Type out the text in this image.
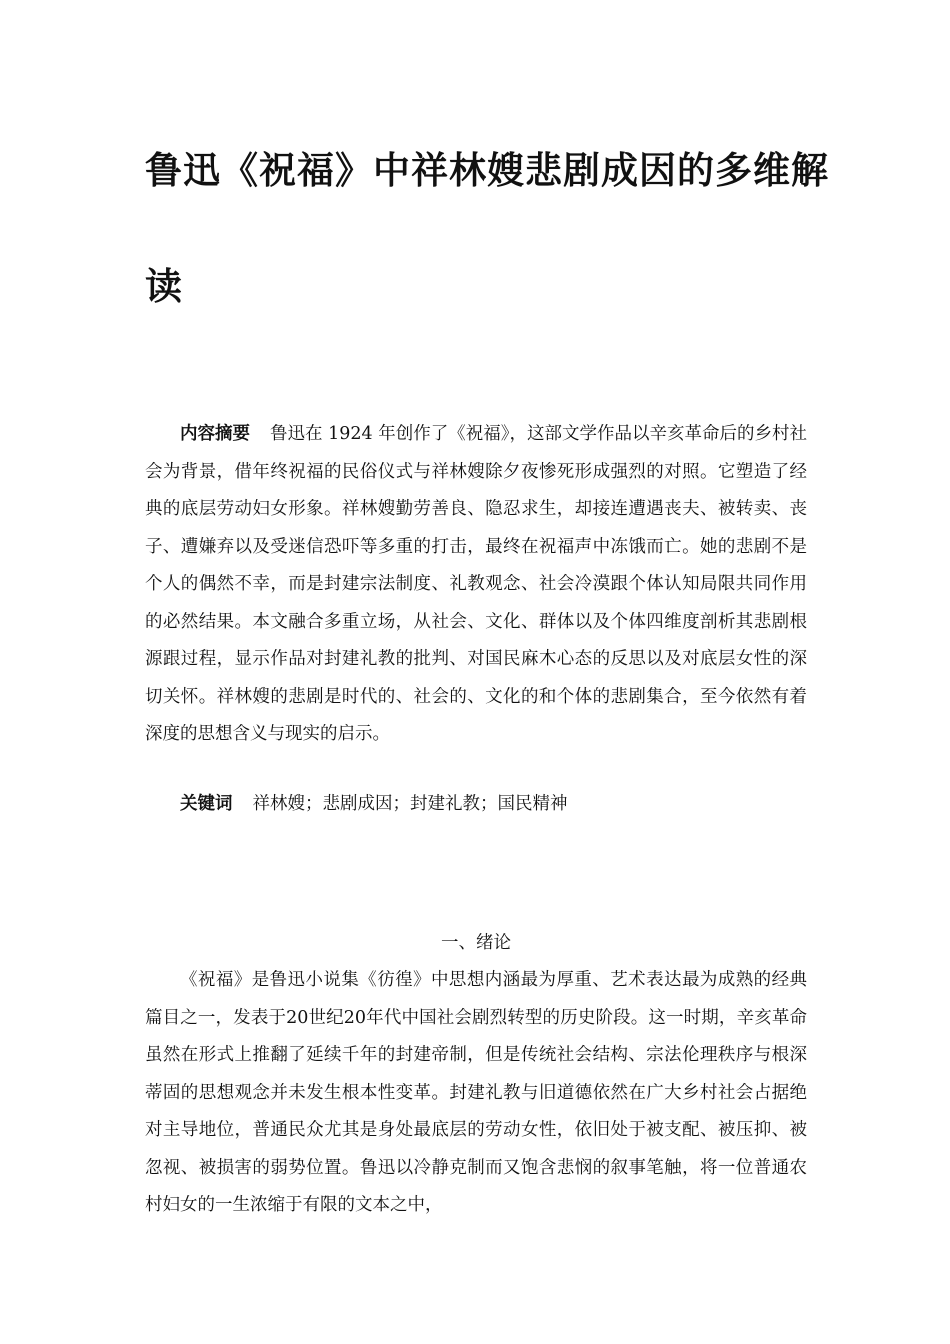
鲁迅《祝福》中祥林嫂悲剧成因的多维解
读
内容摘要 鲁迅在 1924 年创作了《祝福》，这部文学作品以辛亥革命后的乡村社会为背景，借年终祝福的民俗仪式与祥林嫂除夕夜惨死形成强烈的对照。它塑造了经典的底层劳动妇女形象。祥林嫂勤劳善良、隐忍求生，却接连遭遇丧夫、被转卖、丧子、遭嫌弃以及受迷信恐吓等多重的打击，最终在祝福声中冻饿而亡。她的悲剧不是个人的偶然不幸，而是封建宗法制度、礼教观念、社会冷漠跟个体认知局限共同作用的必然结果。本文融合多重立场，从社会、文化、群体以及个体四维度剖析其悲剧根源跟过程，显示作品对封建礼教的批判、对国民麻木心态的反思以及对底层女性的深切关怀。祥林嫂的悲剧是时代的、社会的、文化的和个体的悲剧集合，至今依然有着深度的思想含义与现实的启示。
关键词 祥林嫂；悲剧成因；封建礼教；国民精神
一、绪论
《祝福》是鲁迅小说集《彷徨》中思想内涵最为厚重、艺术表达最为成熟的经典篇目之一，发表于20世纪20年代中国社会剧烈转型的历史阶段。这一时期，辛亥革命虽然在形式上推翻了延续千年的封建帝制，但是传统社会结构、宗法伦理秩序与根深蒂固的思想观念并未发生根本性变革。封建礼教与旧道德依然在广大乡村社会占据绝对主导地位，普通民众尤其是身处最底层的劳动女性，依旧处于被支配、被压抑、被忽视、被损害的弱势位置。鲁迅以冷静克制而又饱含悲悯的叙事笔触，将一位普通农村妇女的一生浓缩于有限的文本之中，
